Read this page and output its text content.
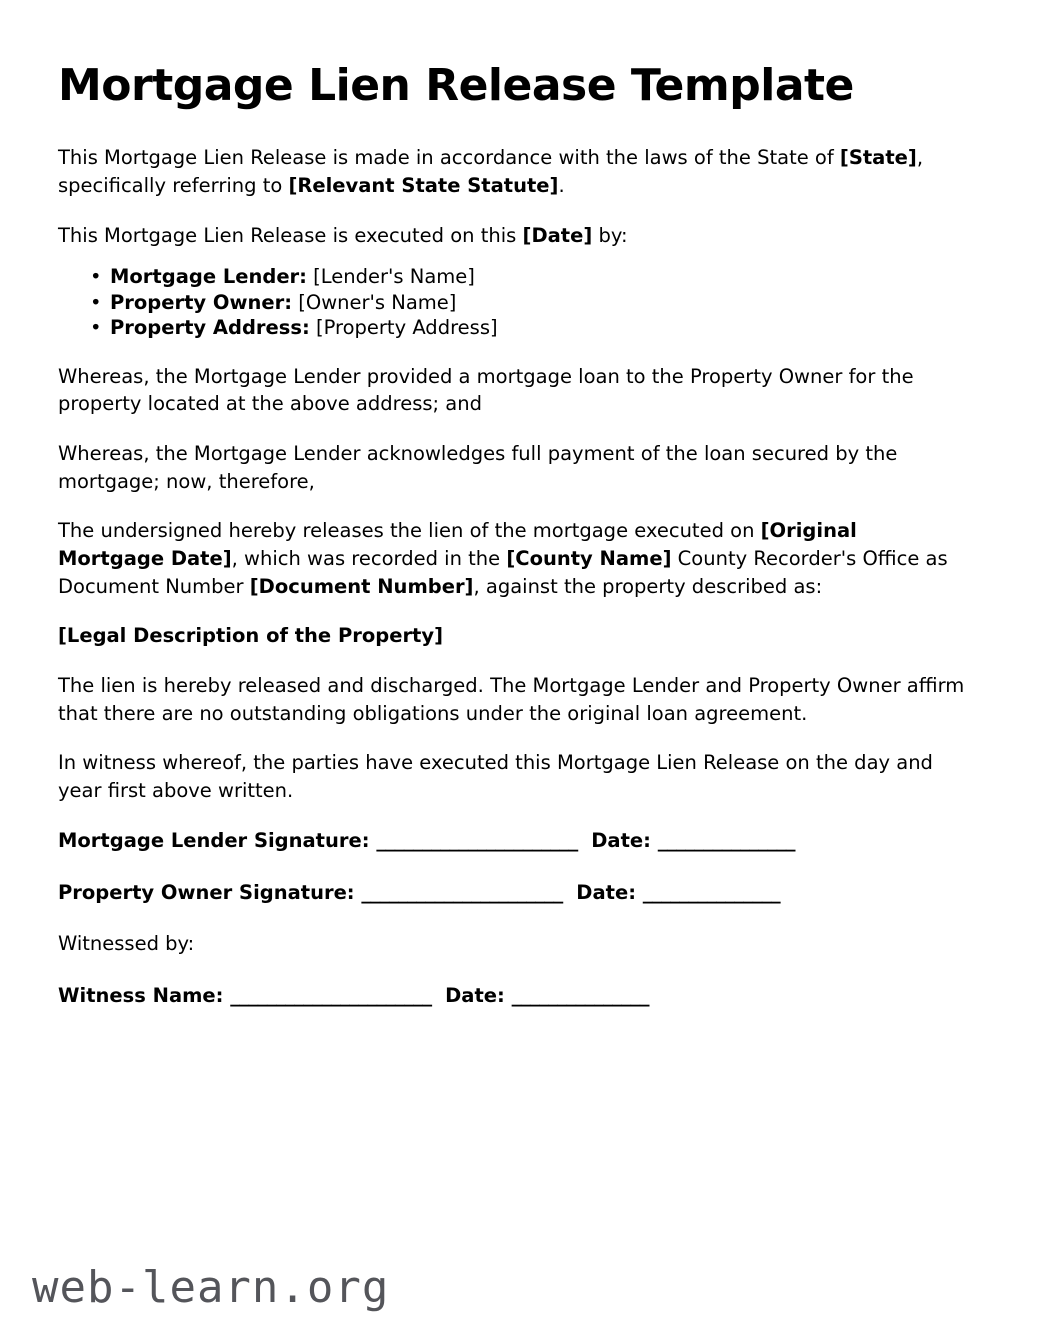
Mortgage Lien Release Template

This Mortgage Lien Release is made in accordance with the laws of the State of [State], specifically referring to [Relevant State Statute].

This Mortgage Lien Release is executed on this [Date] by:

• Mortgage Lender: [Lender's Name]
• Property Owner: [Owner's Name]
• Property Address: [Property Address]

Whereas, the Mortgage Lender provided a mortgage loan to the Property Owner for the property located at the above address; and

Whereas, the Mortgage Lender acknowledges full payment of the loan secured by the mortgage; now, therefore,

The undersigned hereby releases the lien of the mortgage executed on [Original Mortgage Date], which was recorded in the [County Name] County Recorder's Office as Document Number [Document Number], against the property described as:

[Legal Description of the Property]

The lien is hereby released and discharged. The Mortgage Lender and Property Owner affirm that there are no outstanding obligations under the original loan agreement.

In witness whereof, the parties have executed this Mortgage Lien Release on the day and year first above written.

Mortgage Lender Signature: ______________________  Date: _______________

Property Owner Signature: ______________________  Date: _______________

Witnessed by:

Witness Name: ______________________  Date: _______________

web-learn.org
